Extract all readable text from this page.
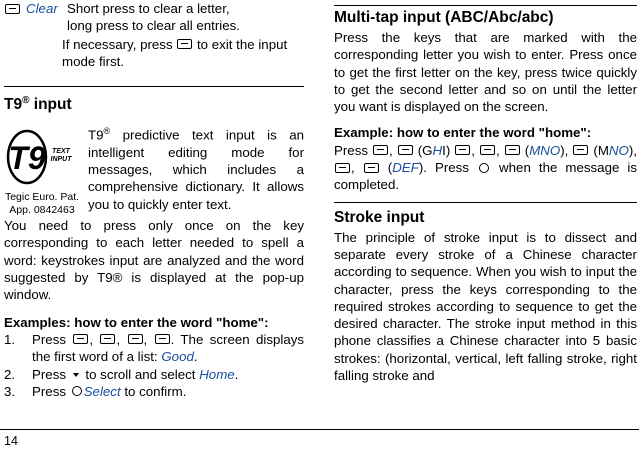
Clear Short press to clear a letter,
long press to clear all entries.
If necessary, press  to exit the input mode first.
T9® input
T9 TEXT
INPUT
Tegic Euro. Pat.
App. 0842463
T9® predictive text input is an intelligent editing mode for messages, which includes a comprehensive dictionary. It allows you to quickly enter text.
You need to press only once on the key corresponding to each letter needed to spell a word: keystrokes input are analyzed and the word suggested by T9® is displayed at the pop-up window.
Examples: how to enter the word "home":
1. Press , , , . The screen displays the first word of a list: Good.
2. Press  to scroll and select Home.
3. Press Select to confirm.
Multi-tap input (ABC/Abc/abc)
Press the keys that are marked with the corresponding letter you wish to enter. Press once to get the first letter on the key, press twice quickly to get the second letter and so on until the letter you want is displayed on the screen.
Example: how to enter the word "home":
Press ,  (GHI) , ,  (MNO),  (MNO), ,  (DEF). Press  when the message is completed.
Stroke input
The principle of stroke input is to dissect and separate every stroke of a Chinese character according to sequence. When you wish to input the character, press the keys corresponding to the required strokes according to sequence to get the desired character. The stroke input method in this phone classifies a Chinese character into 5 basic strokes: (horizontal, vertical, left falling stroke, right falling stroke and
14
